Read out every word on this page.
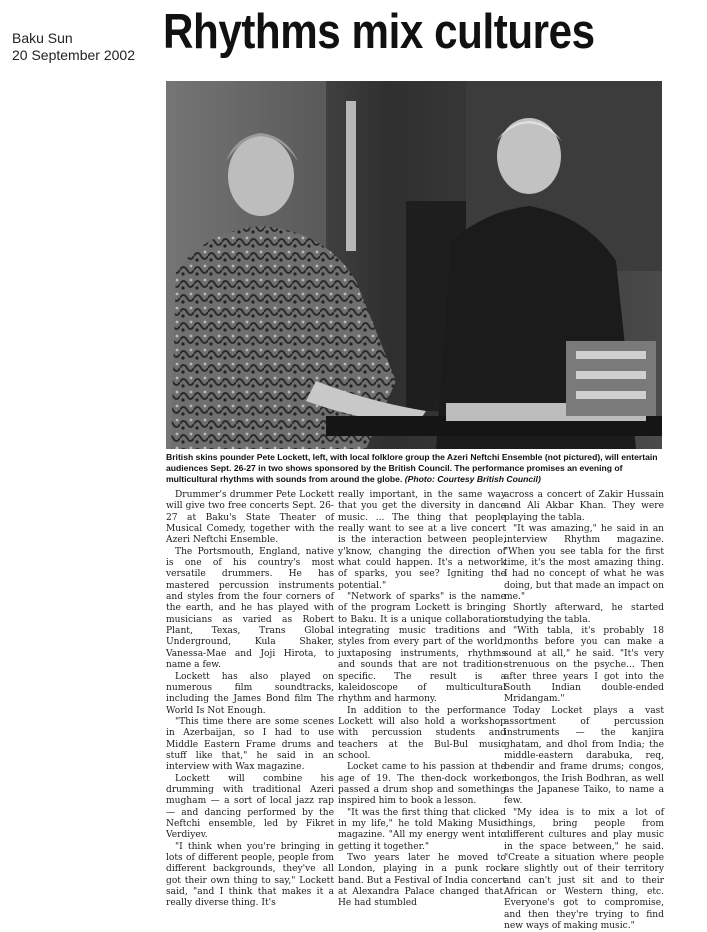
Baku Sun
20 September 2002 Rhythms mix cultures
British skins pounder Pete Lockett, left, with local folklore group the Azeri Neftchi Ensemble (not pictured), will entertain audiences Sept. 26-27 in two shows sponsored by the British Council. The performance promises an evening of multicultural rhythms with sounds from around the globe. (Photo: Courtesy British Council)

Drummer's drummer Pete Lockett will give two free concerts Sept. 26-27 at Baku's State Theater of Musical Comedy, together with the Azeri Neftchi Ensemble.

The Portsmouth, England, native is one of his country's most versatile drummers. He has mastered percussion instruments and styles from the four corners of the earth, and he has played with musicians as varied as Robert Plant, Texas, Trans Global Underground, Kula Shaker, Vanessa-Mae and Joji Hirota, to name a few.

Lockett has also played on numerous film soundtracks, including the James Bond film The World Is Not Enough.

"This time there are some scenes in Azerbaijan, so I had to use Middle Eastern Frame drums and stuff like that," he said in an interview with Wax magazine.

Lockett will combine his drumming with traditional Azeri mugham — a sort of local jazz rap — and dancing performed by the Neftchi ensemble, led by Fikret Verdiyev.

"I think when you're bringing in lots of different people, people from different backgrounds, they've all got their own thing to say," Lockett said, "and I think that makes it a really diverse thing. It's

really important, in the same way that you get the diversity in dance music. ... The thing that people really want to see at a live concert is the interaction between people, y'know, changing the direction of what could happen. It's a network of sparks, you see? Igniting the potential."

"Network of sparks" is the name of the program Lockett is bringing to Baku. It is a unique collaboration integrating music traditions and styles from every part of the world, juxtaposing instruments, rhythms and sounds that are not tradition-specific. The result is a kaleidoscope of multicultural rhythm and harmony.

In addition to the performance Lockett will also hold a workshop with percussion students and teachers at the Bul-Bul music school.

Locket came to his passion at the age of 19. The then-dock worker passed a drum shop and something inspired him to book a lesson.

"It was the first thing that clicked in my life," he told Making Music magazine. "All my energy went into getting it together."

Two years later he moved to London, playing in a punk rock band. But a Festival of India concert at Alexandra Palace changed that. He had stumbled

across a concert of Zakir Hussain and Ali Akbar Khan. They were playing the tabla.

"It was amazing," he said in an interview Rhythm magazine. "When you see tabla for the first time, it's the most amazing thing. I had no concept of what he was doing, but that made an impact on me."

Shortly afterward, he started studying the tabla.

"With tabla, it's probably 18 months before you can make a sound at all," he said. "It's very strenuous on the psyche... Then after three years I got into the South Indian double-ended Mridangam."

Today Locket plays a vast assortment of percussion instruments — the kanjira ghatam, and dhol from India; the middle-eastern darabuka, req, bendir and frame drums; congos, bongos, the Irish Bodhran, as well as the Japanese Taiko, to name a few.

"My idea is to mix a lot of things, bring people from different cultures and play music in the space between," he said. "Create a situation where people are slightly out of their territory and can't just sit and to their African or Western thing, etc. Everyone's got to compromise, and then they're trying to find new ways of making music."
